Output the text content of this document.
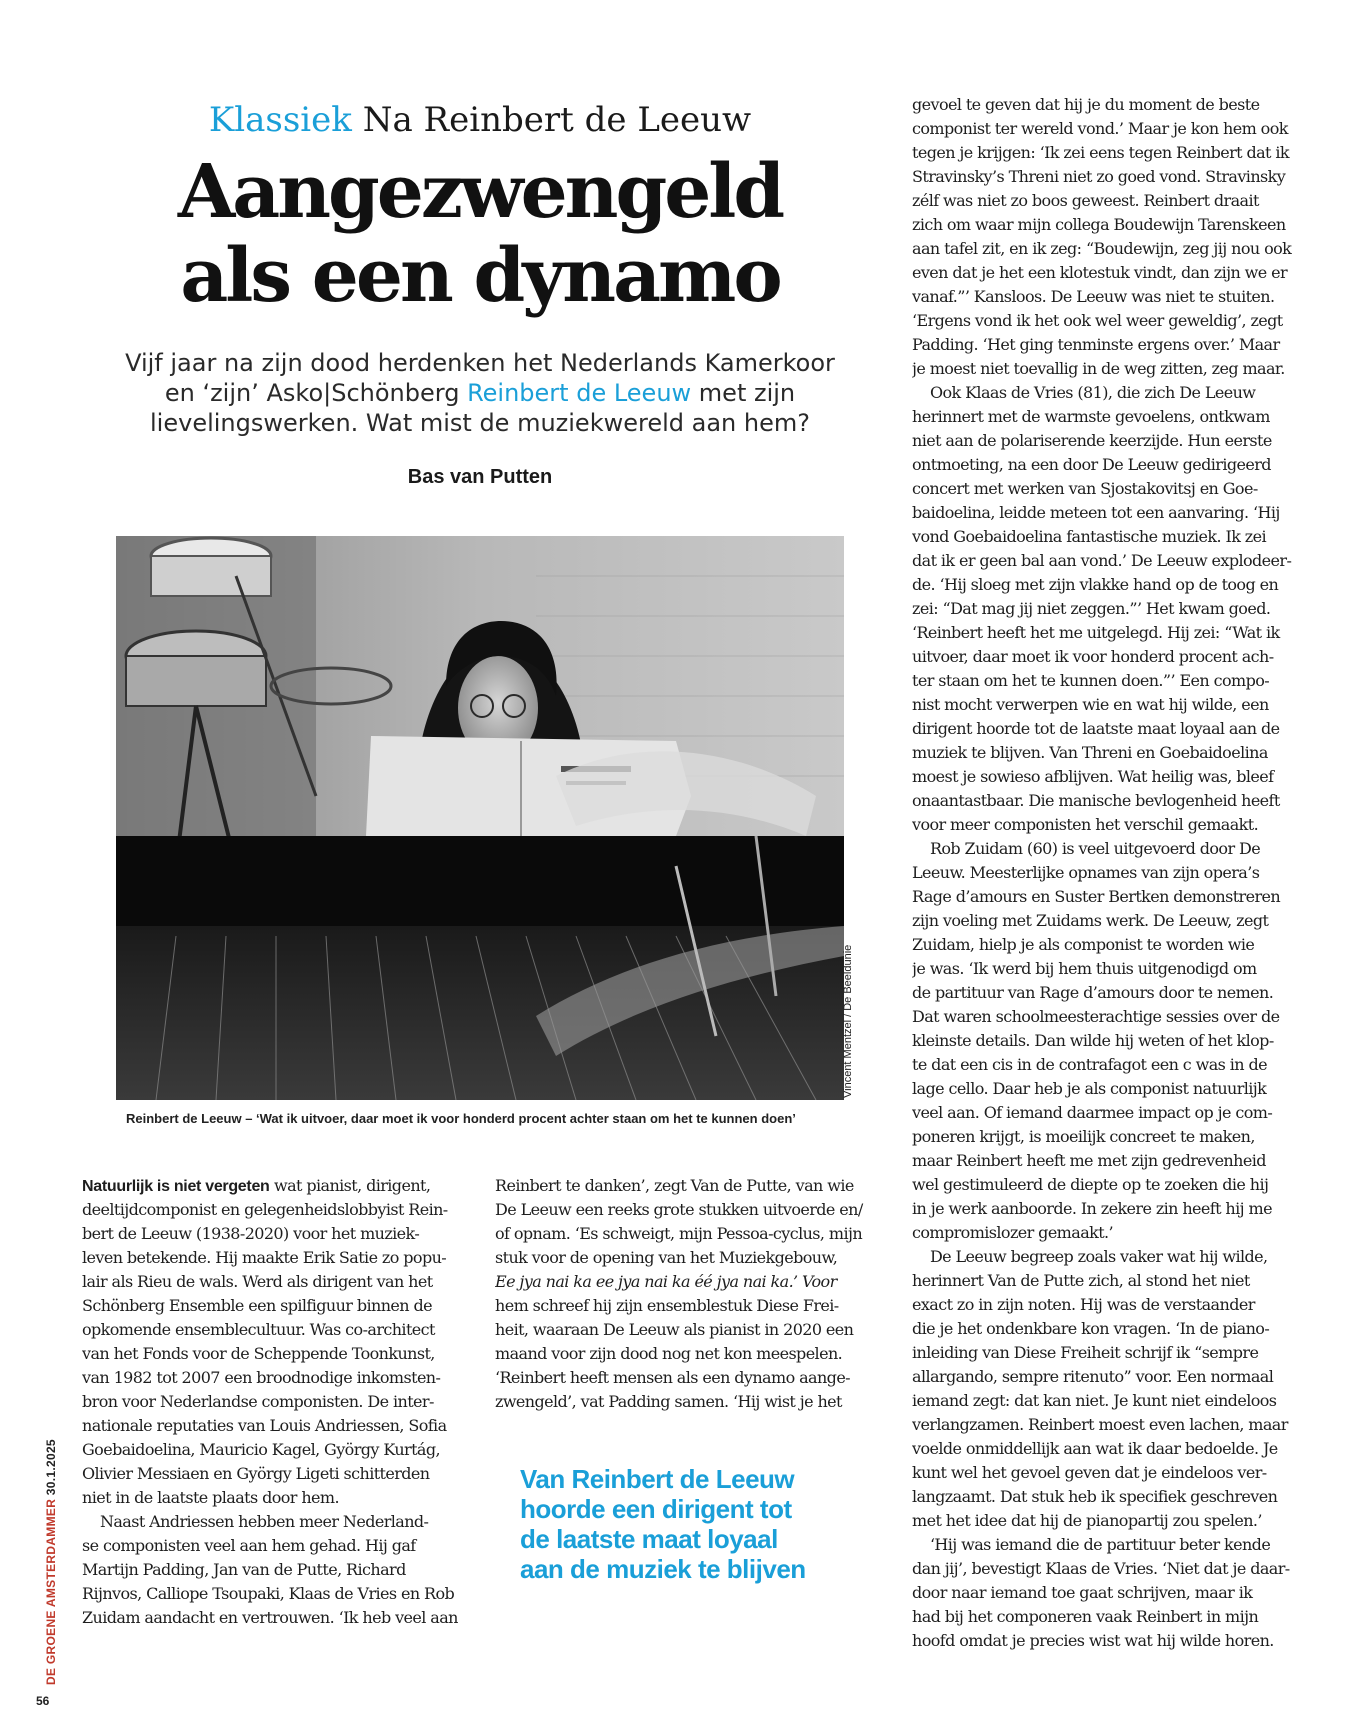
Klassiek Na Reinbert de Leeuw
Aangezwengeld
als een dynamo
Vijf jaar na zijn dood herdenken het Nederlands Kamerkoor
en ‘zijn’ Asko|Schönberg Reinbert de Leeuw met zijn
lievelingswerken. Wat mist de muziekwereld aan hem?
Bas van Putten
Vincent Mentzel / De Beeldunie
Reinbert de Leeuw – ‘Wat ik uitvoer, daar moet ik voor honderd procent achter staan om het te kunnen doen’
Natuurlijk is niet vergeten wat pianist, dirigent,
deeltijdcomponist en gelegenheidslobbyist Rein-
bert de Leeuw (1938-2020) voor het muziek-
leven betekende. Hij maakte Erik Satie zo popu-
lair als Rieu de wals. Werd als dirigent van het
Schönberg Ensemble een spilfiguur binnen de
opkomende ensemblecultuur. Was co-architect
van het Fonds voor de Scheppende Toonkunst,
van 1982 tot 2007 een broodnodige inkomsten-
bron voor Nederlandse componisten. De inter-
nationale reputaties van Louis Andriessen, Sofia
Goebaidoelina, Mauricio Kagel, György Kurtág,
Olivier Messiaen en György Ligeti schitterden
niet in de laatste plaats door hem.
Naast Andriessen hebben meer Nederland-
se componisten veel aan hem gehad. Hij gaf
Martijn Padding, Jan van de Putte, Richard
Rijnvos, Calliope Tsoupaki, Klaas de Vries en Rob
Zuidam aandacht en vertrouwen. ‘Ik heb veel aan
Reinbert te danken’, zegt Van de Putte, van wie
De Leeuw een reeks grote stukken uitvoerde en/
of opnam. ‘Es schweigt, mijn Pessoa-cyclus, mijn
stuk voor de opening van het Muziekgebouw,
Ee jya nai ka ee jya nai ka éé jya nai ka.’ Voor
hem schreef hij zijn ensemblestuk Diese Frei-
heit, waaraan De Leeuw als pianist in 2020 een
maand voor zijn dood nog net kon meespelen.
‘Reinbert heeft mensen als een dynamo aange-
zwengeld’, vat Padding samen. ‘Hij wist je het
Van Reinbert de Leeuw
hoorde een dirigent tot
de laatste maat loyaal
aan de muziek te blijven
gevoel te geven dat hij je du moment de beste
componist ter wereld vond.’ Maar je kon hem ook
tegen je krijgen: ‘Ik zei eens tegen Reinbert dat ik
Stravinsky’s Threni niet zo goed vond. Stravinsky
zélf was niet zo boos geweest. Reinbert draait
zich om waar mijn collega Boudewijn Tarenskeen
aan tafel zit, en ik zeg: “Boudewijn, zeg jij nou ook
even dat je het een klotestuk vindt, dan zijn we er
vanaf.”’ Kansloos. De Leeuw was niet te stuiten.
‘Ergens vond ik het ook wel weer geweldig’, zegt
Padding. ‘Het ging tenminste ergens over.’ Maar
je moest niet toevallig in de weg zitten, zeg maar.
Ook Klaas de Vries (81), die zich De Leeuw
herinnert met de warmste gevoelens, ontkwam
niet aan de polariserende keerzijde. Hun eerste
ontmoeting, na een door De Leeuw gedirigeerd
concert met werken van Sjostakovitsj en Goe-
baidoelina, leidde meteen tot een aanvaring. ‘Hij
vond Goebaidoelina fantastische muziek. Ik zei
dat ik er geen bal aan vond.’ De Leeuw explodeer-
de. ‘Hij sloeg met zijn vlakke hand op de toog en
zei: “Dat mag jij niet zeggen.”’ Het kwam goed.
‘Reinbert heeft het me uitgelegd. Hij zei: “Wat ik
uitvoer, daar moet ik voor honderd procent ach-
ter staan om het te kunnen doen.”’ Een compo-
nist mocht verwerpen wie en wat hij wilde, een
dirigent hoorde tot de laatste maat loyaal aan de
muziek te blijven. Van Threni en Goebaidoelina
moest je sowieso afblijven. Wat heilig was, bleef
onaantastbaar. Die manische bevlogenheid heeft
voor meer componisten het verschil gemaakt.
Rob Zuidam (60) is veel uitgevoerd door De
Leeuw. Meesterlijke opnames van zijn opera’s
Rage d’amours en Suster Bertken demonstreren
zijn voeling met Zuidams werk. De Leeuw, zegt
Zuidam, hielp je als componist te worden wie
je was. ‘Ik werd bij hem thuis uitgenodigd om
de partituur van Rage d’amours door te nemen.
Dat waren schoolmeesterachtige sessies over de
kleinste details. Dan wilde hij weten of het klop-
te dat een cis in de contrafagot een c was in de
lage cello. Daar heb je als componist natuurlijk
veel aan. Of iemand daarmee impact op je com-
poneren krijgt, is moeilijk concreet te maken,
maar Reinbert heeft me met zijn gedrevenheid
wel gestimuleerd de diepte op te zoeken die hij
in je werk aanboorde. In zekere zin heeft hij me
compromislozer gemaakt.’
De Leeuw begreep zoals vaker wat hij wilde,
herinnert Van de Putte zich, al stond het niet
exact zo in zijn noten. Hij was de verstaander
die je het ondenkbare kon vragen. ‘In de piano-
inleiding van Diese Freiheit schrijf ik “sempre
allargando, sempre ritenuto” voor. Een normaal
iemand zegt: dat kan niet. Je kunt niet eindeloos
verlangzamen. Reinbert moest even lachen, maar
voelde onmiddellijk aan wat ik daar bedoelde. Je
kunt wel het gevoel geven dat je eindeloos ver-
langzaamt. Dat stuk heb ik specifiek geschreven
met het idee dat hij de pianopartij zou spelen.’
‘Hij was iemand die de partituur beter kende
dan jij’, bevestigt Klaas de Vries. ‘Niet dat je daar-
door naar iemand toe gaat schrijven, maar ik
had bij het componeren vaak Reinbert in mijn
hoofd omdat je precies wist wat hij wilde horen.
DE GROENE AMSTERDAMMER 30.1.2025
56
